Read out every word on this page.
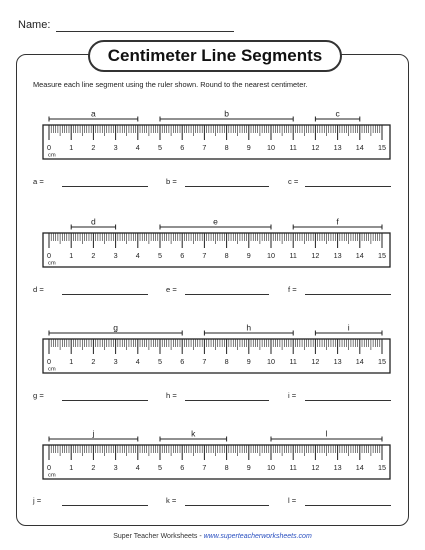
Name:
Centimeter Line Segments
Measure each line segment using the ruler shown. Round to the nearest centimeter.
0	1	2	3	4	5	6	7	8	9 10 11 12 13 14 15
cm
a	b	c
0	1	2	3	4	5	6	7	8	9 10 11 12 13 14 15
cm
d	e	f
0	1	2	3	4	5	6	7	8	9 10 11 12 13 14 15
cm
g	h	i
0	1	2	3	4	5	6	7	8	9 10 11 12 13 14 15
cm
j	k	l
a =	b =	c =
d =	e =	f =
g =	h =	i =
j =	k =	l =
Super Teacher Worksheets - www.superteacherworksheets.com
